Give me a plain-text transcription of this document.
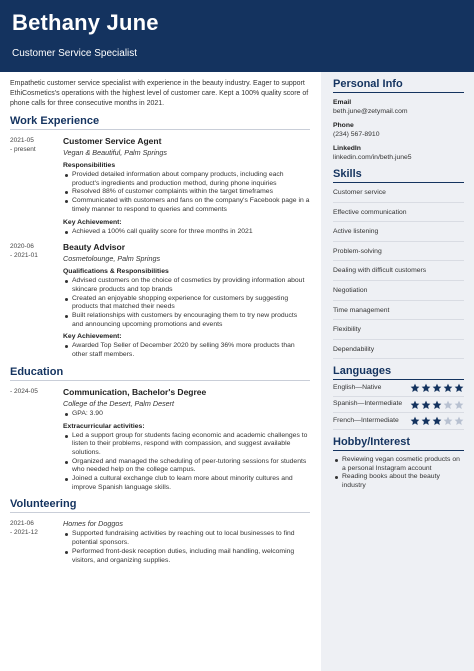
Bethany June
Customer Service Specialist

Empathetic customer service specialist with experience in the beauty industry. Eager to support EthiCosmetics's operations with the highest level of customer care. Kept a 100% quality score of phone calls for three consecutive months in 2021.

Work Experience
2021-05
- present
Customer Service Agent
Vegan & Beautiful, Palm Springs
Responsibilities
Provided detailed information about company products, including each product's ingredients and production method, during phone inquiries
Resolved 88% of customer complaints within the target timeframes
Communicated with customers and fans on the company's Facebook page in a timely manner to respond to queries and comments
Key Achievement:
Achieved a 100% call quality score for three months in 2021
2020-06
- 2021-01
Beauty Advisor
Cosmetolounge, Palm Springs
Qualifications & Responsibilities
Advised customers on the choice of cosmetics by providing information about skincare products and top brands
Created an enjoyable shopping experience for customers by suggesting products that matched their needs
Built relationships with customers by encouraging them to try new products and announcing upcoming promotions and events
Key Achievement:
Awarded Top Seller of December 2020 by selling 36% more products than other staff members.
Education
- 2024-05	Communication, Bachelor's Degree
College of the Desert, Palm Desert
GPA: 3.90
Extracurricular activities:
Led a support group for students facing economic and academic challenges to listen to their problems, respond with compassion, and suggest available solutions.
Organized and managed the scheduling of peer-tutoring sessions for students who needed help on the college campus.
Joined a cultural exchange club to learn more about minority cultures and improve Spanish language skills.
Volunteering
2021-06
- 2021-12
Homes for Doggos
Supported fundraising activities by reaching out to local businesses to find potential sponsors.
Performed front-desk reception duties, including mail handling, welcoming visitors, and organizing supplies.
Personal Info
Email
beth.june@zetymail.com
Phone
(234) 567-8910
LinkedIn
linkedin.com/in/beth.june5
Skills
Customer service
Effective communication
Active listening
Problem-solving
Dealing with difficult customers
Negotiation
Time management
Flexibility
Dependability
Languages
English—Native
Spanish—Intermediate
French—Intermediate
Hobby/Interest
Reviewing vegan cosmetic products on a personal Instagram account
Reading books about the beauty industry
